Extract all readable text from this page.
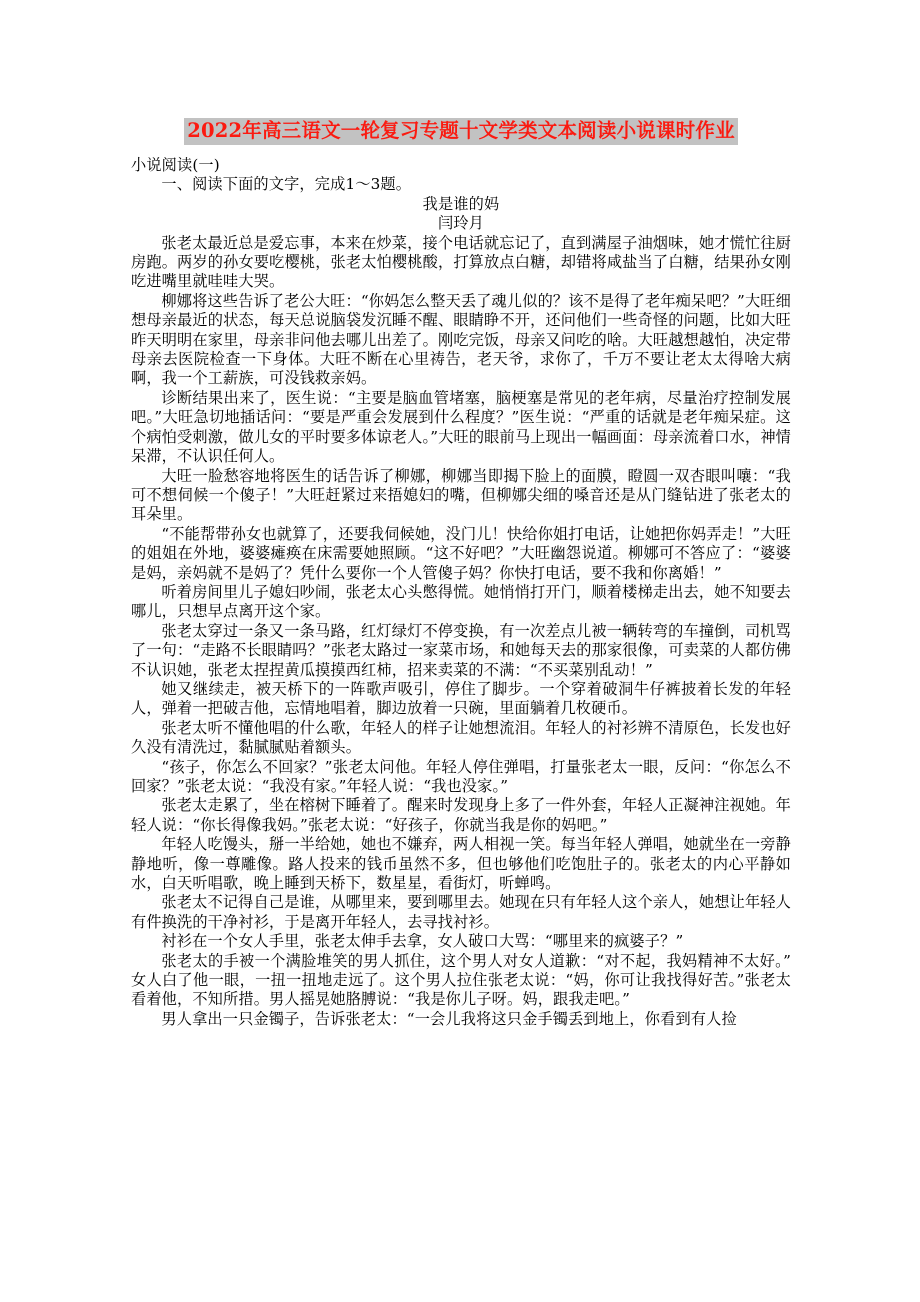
2022年高三语文一轮复习专题十文学类文本阅读小说课时作业

小说阅读(一)

一、阅读下面的文字，完成1～3题。

我是谁的妈

闫玲月

张老太最近总是爱忘事，本来在炒菜，接个电话就忘记了，直到满屋子油烟味，她才慌忙往厨房跑。两岁的孙女要吃樱桃，张老太怕樱桃酸，打算放点白糖，却错将咸盐当了白糖，结果孙女刚吃进嘴里就哇哇大哭。

柳娜将这些告诉了老公大旺：“你妈怎么整天丢了魂儿似的？该不是得了老年痴呆吧？”大旺细想母亲最近的状态，每天总说脑袋发沉睡不醒、眼睛睁不开，还问他们一些奇怪的问题，比如大旺昨天明明在家里，母亲非问他去哪儿出差了。刚吃完饭，母亲又问吃的啥。大旺越想越怕，决定带母亲去医院检查一下身体。大旺不断在心里祷告，老天爷，求你了，千万不要让老太太得啥大病啊，我一个工薪族，可没钱救亲妈。

诊断结果出来了，医生说：“主要是脑血管堵塞，脑梗塞是常见的老年病，尽量治疗控制发展吧。”大旺急切地插话问：“要是严重会发展到什么程度？”医生说：“严重的话就是老年痴呆症。这个病怕受刺激，做儿女的平时要多体谅老人。”大旺的眼前马上现出一幅画面：母亲流着口水，神情呆滞，不认识任何人。

大旺一脸愁容地将医生的话告诉了柳娜，柳娜当即揭下脸上的面膜，瞪圆一双杏眼叫嚷：“我可不想伺候一个傻子！”大旺赶紧过来捂媳妇的嘴，但柳娜尖细的嗓音还是从门缝钻进了张老太的耳朵里。

“不能帮带孙女也就算了，还要我伺候她，没门儿！快给你姐打电话，让她把你妈弄走！”大旺的姐姐在外地，婆婆瘫痪在床需要她照顾。“这不好吧？”大旺幽怨说道。柳娜可不答应了：“婆婆是妈，亲妈就不是妈了？凭什么要你一个人管傻子妈？你快打电话，要不我和你离婚！”

听着房间里儿子媳妇吵闹，张老太心头憋得慌。她悄悄打开门，顺着楼梯走出去，她不知要去哪儿，只想早点离开这个家。

张老太穿过一条又一条马路，红灯绿灯不停变换，有一次差点儿被一辆转弯的车撞倒，司机骂了一句：“走路不长眼睛吗？”张老太路过一家菜市场，和她每天去的那家很像，可卖菜的人都仿佛不认识她，张老太捏捏黄瓜摸摸西红柿，招来卖菜的不满：“不买菜别乱动！”

她又继续走，被天桥下的一阵歌声吸引，停住了脚步。一个穿着破洞牛仔裤披着长发的年轻人，弹着一把破吉他，忘情地唱着，脚边放着一只碗，里面躺着几枚硬币。

张老太听不懂他唱的什么歌，年轻人的样子让她想流泪。年轻人的衬衫辨不清原色，长发也好久没有清洗过，黏腻腻贴着额头。

“孩子，你怎么不回家？”张老太问他。年轻人停住弹唱，打量张老太一眼，反问：“你怎么不回家？”张老太说：“我没有家。”年轻人说：“我也没家。”

张老太走累了，坐在榕树下睡着了。醒来时发现身上多了一件外套，年轻人正凝神注视她。年轻人说：“你长得像我妈。”张老太说：“好孩子，你就当我是你的妈吧。”

年轻人吃馒头，掰一半给她，她也不嫌弃，两人相视一笑。每当年轻人弹唱，她就坐在一旁静静地听，像一尊雕像。路人投来的钱币虽然不多，但也够他们吃饱肚子的。张老太的内心平静如水，白天听唱歌，晚上睡到天桥下，数星星，看街灯，听蝉鸣。

张老太不记得自己是谁，从哪里来，要到哪里去。她现在只有年轻人这个亲人，她想让年轻人有件换洗的干净衬衫，于是离开年轻人，去寻找衬衫。

衬衫在一个女人手里，张老太伸手去拿，女人破口大骂：“哪里来的疯婆子？”

张老太的手被一个满脸堆笑的男人抓住，这个男人对女人道歉：“对不起，我妈精神不太好。”女人白了他一眼，一扭一扭地走远了。这个男人拉住张老太说：“妈，你可让我找得好苦。”张老太看着他，不知所措。男人摇晃她胳膊说：“我是你儿子呀。妈，跟我走吧。”

男人拿出一只金镯子，告诉张老太：“一会儿我将这只金手镯丢到地上，你看到有人捡
